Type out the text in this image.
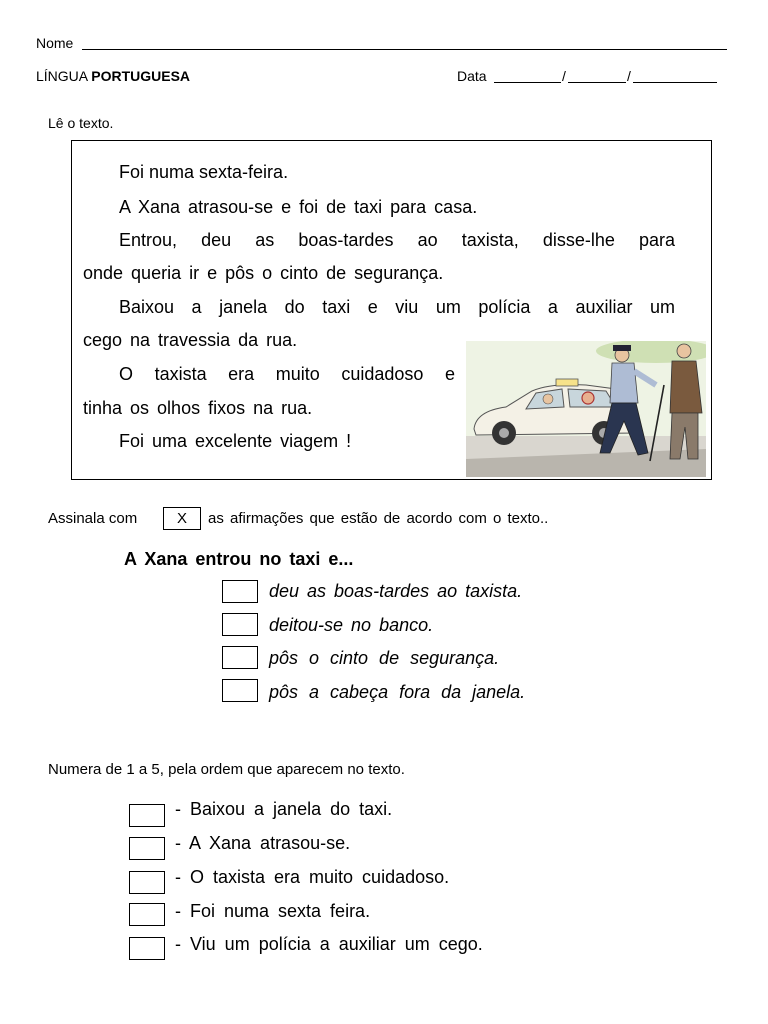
Nome
LÍNGUA PORTUGUESA	Data	/	/
Lê o texto.
Foi numa sexta-feira.
A Xana atrasou-se e foi de taxi para casa.
Entrou, deu as boas-tardes ao taxista, disse-lhe para
onde queria ir e pôs o cinto de segurança.
Baixou a janela do taxi e viu um polícia a auxiliar um
cego na travessia da rua.
O taxista era muito cuidadoso e
tinha os olhos fixos na rua.
Foi uma excelente viagem !
Assinala com	X	as afirmações que estão de acordo com o texto..
A Xana entrou no taxi e...
deu as boas-tardes ao taxista.
deitou-se no banco.
pôs o cinto de segurança.
pôs a cabeça fora da janela.
Numera de 1 a 5, pela ordem que aparecem no texto.
- Baixou a janela do taxi.
- A Xana atrasou-se.
- O taxista era muito cuidadoso.
- Foi numa sexta feira.
- Viu um polícia a auxiliar um cego.
